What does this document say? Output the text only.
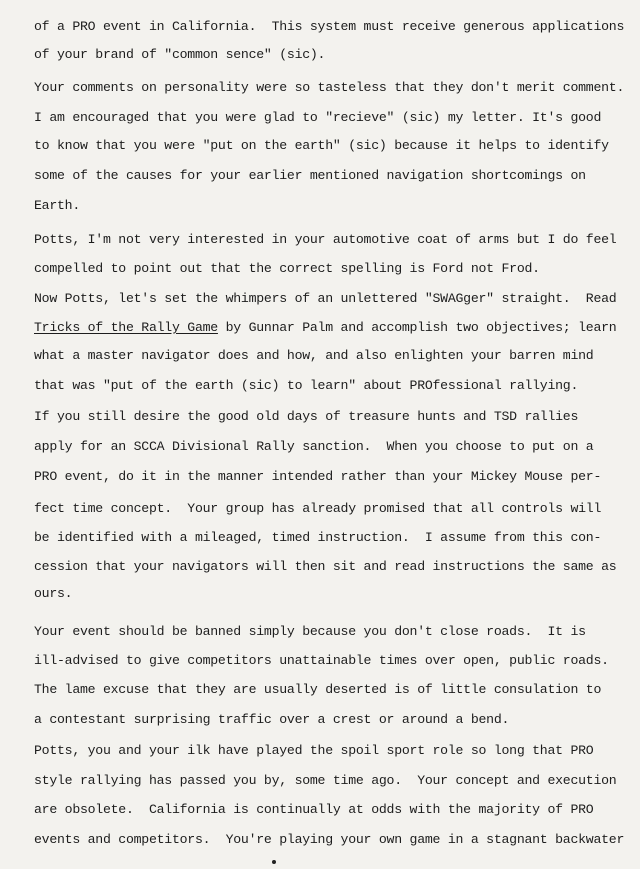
of a PRO event in California.  This system must receive generous applications

of your brand of "common sence" (sic).

Your comments on personality were so tasteless that they don't merit comment.

I am encouraged that you were glad to "recieve" (sic) my letter. It's good

to know that you were "put on the earth" (sic) because it helps to identify

some of the causes for your earlier mentioned navigation shortcomings on

Earth.

Potts, I'm not very interested in your automotive coat of arms but I do feel

compelled to point out that the correct spelling is Ford not Frod.

Now Potts, let's set the whimpers of an unlettered "SWAGger" straight.  Read

Tricks of the Rally Game by Gunnar Palm and accomplish two objectives; learn

what a master navigator does and how, and also enlighten your barren mind

that was "put of the earth (sic) to learn" about PROfessional rallying.

If you still desire the good old days of treasure hunts and TSD rallies

apply for an SCCA Divisional Rally sanction.  When you choose to put on a

PRO event, do it in the manner intended rather than your Mickey Mouse per-

fect time concept.  Your group has already promised that all controls will

be identified with a mileaged, timed instruction.  I assume from this con-

cession that your navigators will then sit and read instructions the same as

ours.

Your event should be banned simply because you don't close roads.  It is

ill-advised to give competitors unattainable times over open, public roads.

The lame excuse that they are usually deserted is of little consulation to

a contestant surprising traffic over a crest or around a bend.

Potts, you and your ilk have played the spoil sport role so long that PRO

style rallying has passed you by, some time ago.  Your concept and execution

are obsolete.  California is continually at odds with the majority of PRO

events and competitors.  You're playing your own game in a stagnant backwater
